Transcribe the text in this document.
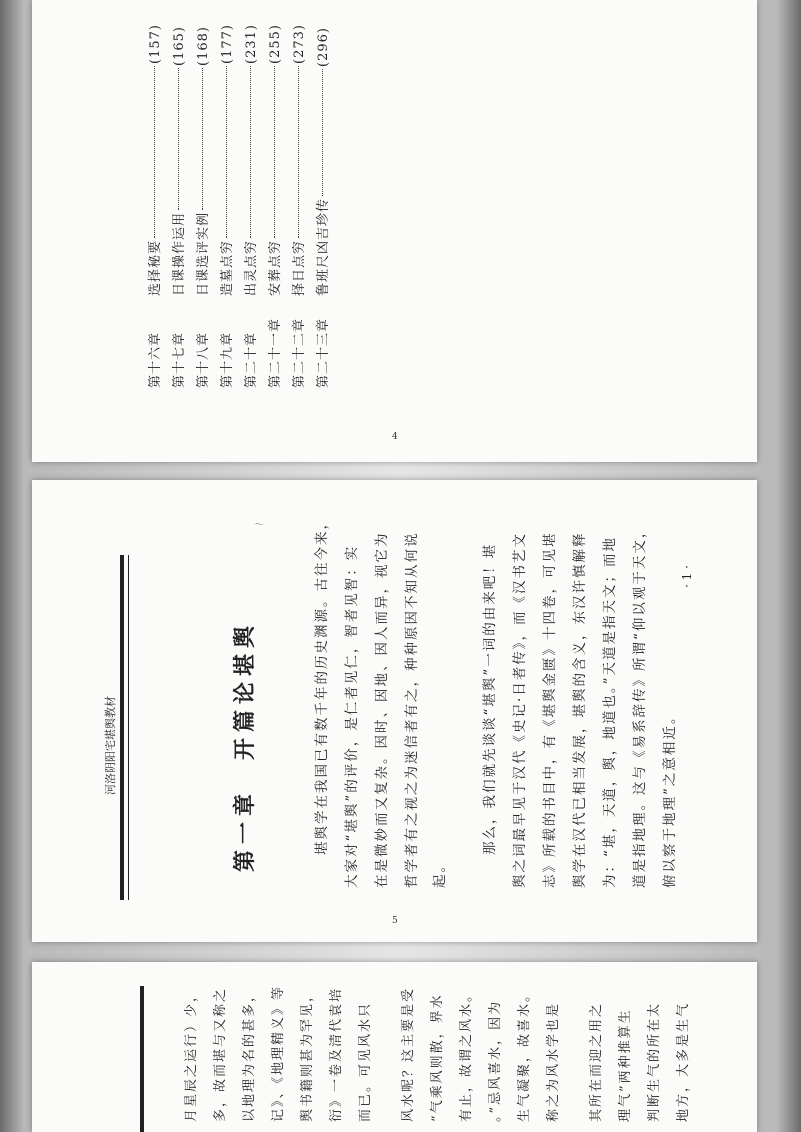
第十六章选择秘要(157)
第十七章日课操作运用(165)
第十八章日课选评实例(168)
第十九章造墓点穷(177)
第二十章出灵点穷(231)
第二十一章安葬点穷(255)
第二十二章择日点穷(273)
第二十三章鲁班尺凶吉珍传(296)
4
河洛阴阳宅堪舆教材
～
第一章　开篇论堪舆	堪舆学在我国已有数千年的历史渊源。古往今来， 大家对“堪舆”的评价，是仁者见仁，智者见智：实 在是微妙而又复杂。因时、因地、因人而异，视它为 哲学者有之视之为迷信者有之，种种原因不知从何说 起。
那么，我们就先谈谈“堪舆”一词的由来吧！堪 舆之词最早见于汉代《史记·日者传》，而《汉书艺文 志》所载的书目中，有《堪舆金匮》十四卷，可见堪 舆学在汉代已相当发展，堪舆的含义，东汉许慎解释 为：“堪，天道，舆，地道也。”天道是指天文；而地 道是指地理。这与《易系辞传》所谓“仰以观于天文， 俯以察于地理”之意相近。
· 1 ·
5
月星辰之运行）少，	多，故而堪与又称之	以地理为名的甚多，	记》、《地理精义》等	舆书籍则甚为罕见，	衍》一卷及清代袁培	而已。可见风水只	风水呢？这主要是受	“气乘风则散，界水	有止，故谓之风水。	。”忌风喜水，因为	生气凝聚，故喜水。	称之为风水学也是	其所在而迎之用之	理气”两种推算生	判断生气的所在太	地方，大多是生气
